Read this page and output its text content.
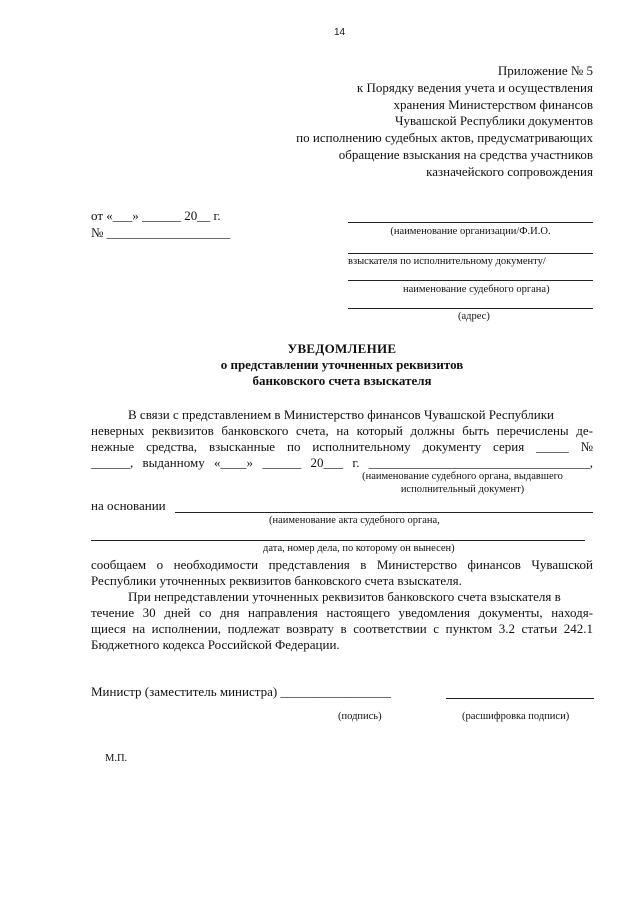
14
Приложение № 5
к Порядку ведения учета и осуществления
хранения Министерством финансов
Чувашской Республики документов
по исполнению судебных актов, предусматривающих
обращение взыскания на средства участников
казначейского сопровождения
от «___» ______ 20__ г.
№ ___________________	(наименование организации/Ф.И.О.
взыскателя по исполнительному документу/
наименование судебного органа)
(адрес)
УВЕДОМЛЕНИЕ
о представлении уточненных реквизитов
банковского счета взыскателя
В связи с представлением в Министерство финансов Чувашской Республики
неверных реквизитов банковского счета, на который должны быть перечислены де-
нежные средства, взысканные по исполнительному документу серия _____ №
______, выданному «____» ______ 20___ г. __________________________________,
(наименование судебного органа, выдавшего
исполнительный документ)
на основании
(наименование акта судебного органа,
дата, номер дела, по которому он вынесен)
сообщаем о необходимости представления в Министерство финансов Чувашской
Республики уточненных реквизитов банковского счета взыскателя.
При непредставлении уточненных реквизитов банковского счета взыскателя в
течение 30 дней со дня направления настоящего уведомления документы, находя-
щиеся на исполнении, подлежат возврату в соответствии с пунктом 3.2 статьи 242.1
Бюджетного кодекса Российской Федерации.
Министр (заместитель министра) _________________
(подпись)	(расшифровка подписи)
М.П.
